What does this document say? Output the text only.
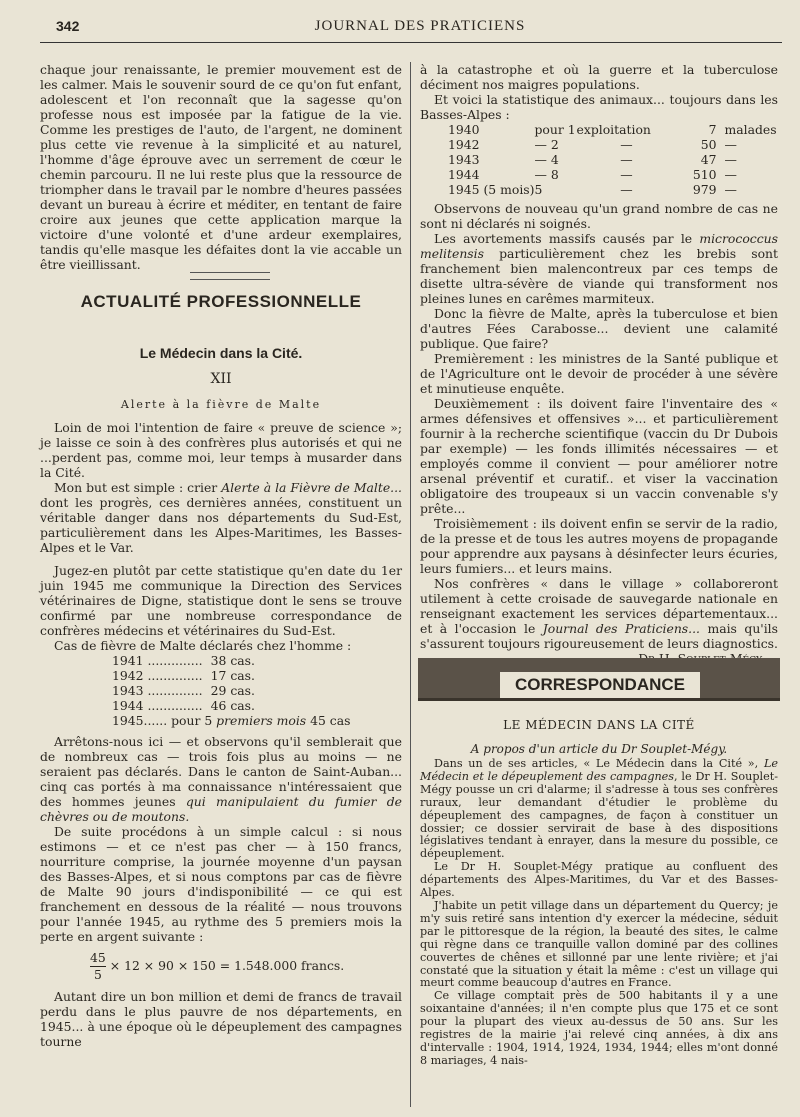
342	JOURNAL DES PRATICIENS

chaque jour renaissante, le premier mouvement est de les calmer. Mais le souvenir sourd de ce qu'on fut enfant, adolescent et l'on reconnaît que la sagesse qu'on professe nous est imposée par la fatigue de la vie. Comme les prestiges de l'auto, de l'argent, ne dominent plus cette vie revenue à la simplicité et au naturel, l'homme d'âge éprouve avec un serrement de cœur le chemin parcouru. Il ne lui reste plus que la ressource de triompher dans le travail par le nombre d'heures passées devant un bureau à écrire et méditer, en tentant de faire croire aux jeunes que cette application marque la victoire d'une volonté et d'une ardeur exemplaires, tandis qu'elle masque les défaites dont la vie accable un être vieillissant.

ACTUALITÉ PROFESSIONNELLE
Le Médecin dans la Cité.
XII
Alerte à la fièvre de Malte

Loin de moi l'intention de faire « preuve de science »; je laisse ce soin à des confrères plus autorisés et qui ne ...perdent pas, comme moi, leur temps à musarder dans la Cité.

Mon but est simple : crier Alerte à la Fièvre de Malte... dont les progrès, ces dernières années, constituent un véritable danger dans nos départements du Sud-Est, particulièrement dans les Alpes-Maritimes, les Basses-Alpes et le Var.

Jugez-en plutôt par cette statistique qu'en date du 1er juin 1945 me communique la Direction des Services vétérinaires de Digne, statistique dont le sens se trouve confirmé par une nombreuse correspondance de confrères médecins et vétérinaires du Sud-Est.

Cas de fièvre de Malte déclarés chez l'homme :

1941 ..............	38 cas.
1942 ..............	17 cas.
1943 ..............	29 cas.
1944 ..............	46 cas.

1945...... pour 5 premiers mois 45 cas

Arrêtons-nous ici — et observons qu'il semblerait que de nombreux cas — trois fois plus au moins — ne seraient pas déclarés. Dans le canton de Saint-Auban... cinq cas portés à ma connaissance n'intéressaient que des hommes jeunes qui manipulaient du fumier de chèvres ou de moutons.

De suite procédons à un simple calcul : si nous estimons — et ce n'est pas cher — à 150 francs, nourriture comprise, la journée moyenne d'un paysan des Basses-Alpes, et si nous comptons par cas de fièvre de Malte 90 jours d'indisponibilité — ce qui est franchement en dessous de la réalité — nous trouvons pour l'année 1945, au rythme des 5 premiers mois la perte en argent suivante :

$\frac{45}{5} \times 12 \times 90 \times 150 = 1.548.000$ francs.

Autant dire un bon million et demi de francs de travail perdu dans le plus pauvre de nos départements, en 1945... à une époque où le dépeuplement des campagnes tourne

à la catastrophe et où la guerre et la tuberculose déciment nos maigres populations.

Et voici la statistique des animaux... toujours dans les Basses-Alpes :

1940	pour 1	exploitation	7	malades
1942	— 2	—	50	—
1943	— 4	—	47	—
1944	— 8	—	510	—
1945 (5 mois)	5	—	979	—

Observons de nouveau qu'un grand nombre de cas ne sont ni déclarés ni soignés.

Les avortements massifs causés par le micrococcus melitensis particulièrement chez les brebis sont franchement bien malencontreux par ces temps de disette ultra-sévère de viande qui transforment nos pleines lunes en carêmes marmiteux.

Donc la fièvre de Malte, après la tuberculose et bien d'autres Fées Carabosse... devient une calamité publique. Que faire?

Premièrement : les ministres de la Santé publique et de l'Agriculture ont le devoir de procéder à une sévère et minutieuse enquête.

Deuxièmement : ils doivent faire l'inventaire des « armes défensives et offensives »... et particulièrement fournir à la recherche scientifique (vaccin du Dr Dubois par exemple) — les fonds illimités nécessaires — et employés comme il convient — pour améliorer notre arsenal préventif et curatif.. et viser la vaccination obligatoire des troupeaux si un vaccin convenable s'y prête...

Troisièmement : ils doivent enfin se servir de la radio, de la presse et de tous les autres moyens de propagande pour apprendre aux paysans à désinfecter leurs écuries, leurs fumiers... et leurs mains.

Nos confrères « dans le village » collaboreront utilement à cette croisade de sauvegarde nationale en renseignant exactement les services départementaux... et à l'occasion le Journal des Praticiens... mais qu'ils s'assurent toujours rigoureusement de leurs diagnostics.

CORRESPONDANCE
LE MÉDECIN DANS LA CITÉ
A propos d'un article du Dr Souplet-Mégy.

Dans un de ses articles, « Le Médecin dans la Cité », Le Médecin et le dépeuplement des campagnes, le Dr H. Souplet-Mégy pousse un cri d'alarme; il s'adresse à tous ses confrères ruraux, leur demandant d'étudier le problème du dépeuplement des campagnes, de façon à constituer un dossier; ce dossier servirait de base à des dispositions législatives tendant à enrayer, dans la mesure du possible, ce dépeuplement.

Le Dr H. Souplet-Mégy pratique au confluent des départements des Alpes-Maritimes, du Var et des Basses-Alpes.

J'habite un petit village dans un département du Quercy; je m'y suis retiré sans intention d'y exercer la médecine, séduit par le pittoresque de la région, la beauté des sites, le calme qui règne dans ce tranquille vallon dominé par des collines couvertes de chênes et sillonné par une lente rivière; et j'ai constaté que la situation y était la même : c'est un village qui meurt comme beaucoup d'autres en France.

Ce village comptait près de 500 habitants il y a une soixantaine d'années; il n'en compte plus que 175 et ce sont pour la plupart des vieux au-dessus de 50 ans. Sur les registres de la mairie j'ai relevé cinq années, à dix ans d'intervalle : 1904, 1914, 1924, 1934, 1944; elles m'ont donné 8 mariages, 4 nais-
